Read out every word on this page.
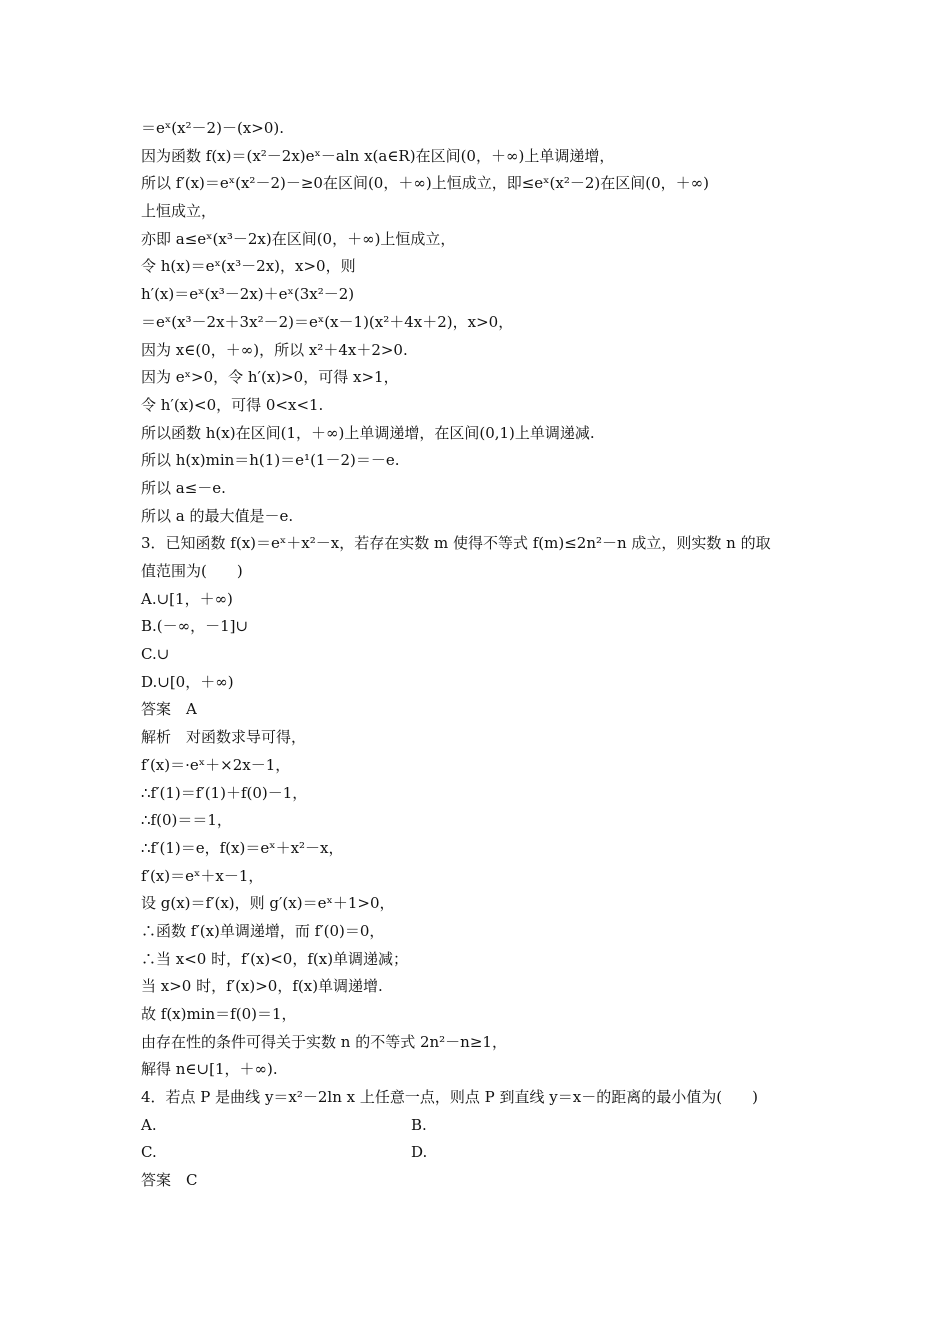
＝eˣ(x²－2)－(x>0).
因为函数 f(x)＝(x²－2x)eˣ－aln x(a∈R)在区间(0，＋∞)上单调递增，
所以 f′(x)＝eˣ(x²－2)－≥0在区间(0，＋∞)上恒成立，即≤eˣ(x²－2)在区间(0，＋∞)
上恒成立，
亦即 a≤eˣ(x³－2x)在区间(0，＋∞)上恒成立，
令 h(x)＝eˣ(x³－2x)，x>0，则
h′(x)＝eˣ(x³－2x)＋eˣ(3x²－2)
＝eˣ(x³－2x＋3x²－2)＝eˣ(x－1)(x²＋4x＋2)，x>0，
因为 x∈(0，＋∞)，所以 x²＋4x＋2>0.
因为 eˣ>0，令 h′(x)>0，可得 x>1，
令 h′(x)<0，可得 0<x<1.
所以函数 h(x)在区间(1，＋∞)上单调递增，在区间(0,1)上单调递减.
所以 h(x)min＝h(1)＝e¹(1－2)＝－e.
所以 a≤－e.
所以 a 的最大值是－e.
3．已知函数 f(x)＝eˣ＋x²－x，若存在实数 m 使得不等式 f(m)≤2n²－n 成立，则实数 n 的取
值范围为(　　)
A.∪[1，＋∞)
B.(－∞，－1]∪
C.∪
D.∪[0，＋∞)
答案　A
解析　对函数求导可得，
f′(x)＝·eˣ＋×2x－1，
∴f′(1)＝f′(1)＋f(0)－1，
∴f(0)＝＝1，
∴f′(1)＝e，f(x)＝eˣ＋x²－x，
f′(x)＝eˣ＋x－1，
设 g(x)＝f′(x)，则 g′(x)＝eˣ＋1>0，
∴函数 f′(x)单调递增，而 f′(0)＝0，
∴当 x<0 时，f′(x)<0，f(x)单调递减；
当 x>0 时，f′(x)>0，f(x)单调递增.
故 f(x)min＝f(0)＝1，
由存在性的条件可得关于实数 n 的不等式 2n²－n≥1，
解得 n∈∪[1，＋∞).
4．若点 P 是曲线 y＝x²－2ln x 上任意一点，则点 P 到直线 y＝x－的距离的最小值为(　　)
A.	B.
C.	D.
答案　C
